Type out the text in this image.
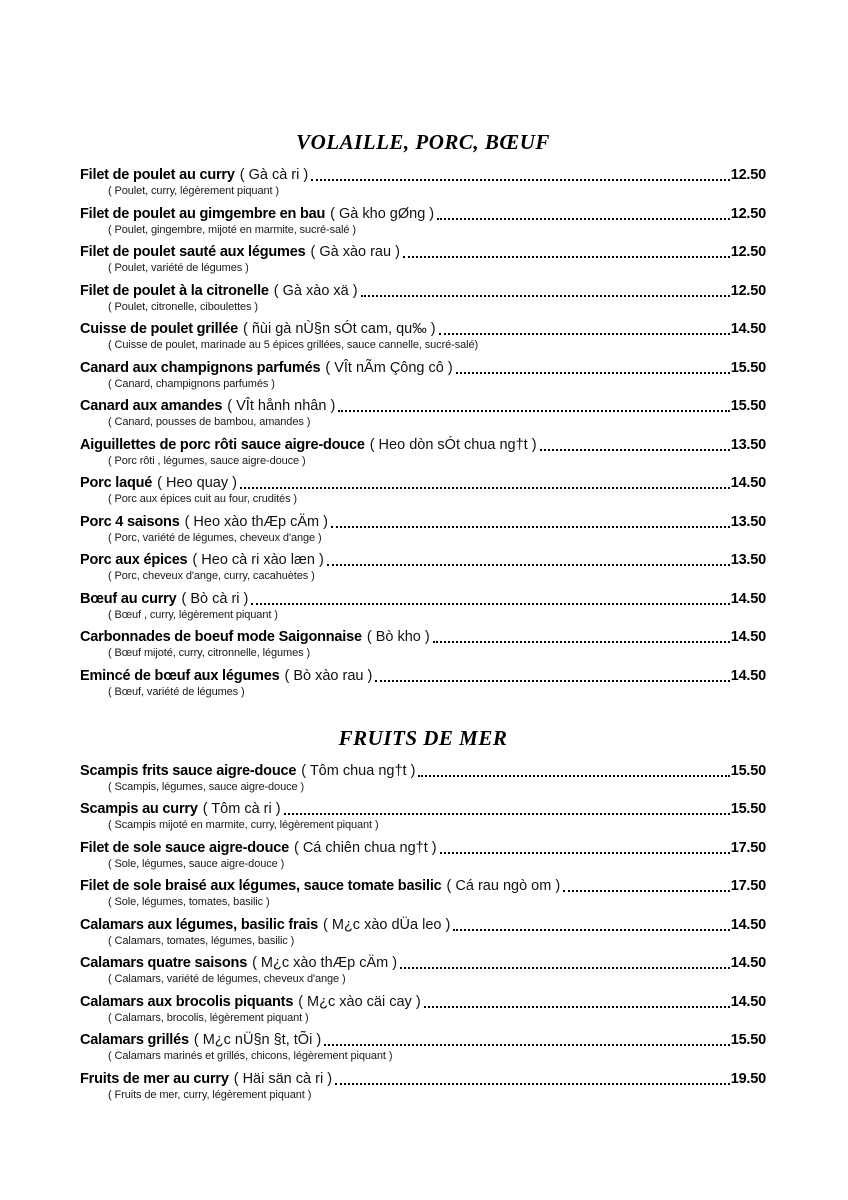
VOLAILLE, PORC, BŒUF
Filet de poulet au curry ( Gà cà ri )	12.50
( Poulet, curry, légèrement piquant )
Filet de poulet au gimgembre en bau ( Gà kho gØng )	12.50
( Poulet, gingembre, mijoté en marmite, sucré-salé )
Filet de poulet sauté aux légumes ( Gà xào rau )	12.50
( Poulet, variété de légumes )
Filet de poulet à la citronelle ( Gà xào xä )	12.50
( Poulet, citronelle, ciboulettes )
Cuisse de poulet grillée ( ñùi gà nÙ§n sÓt cam, qu‰ )	14.50
( Cuisse de poulet, marinade au 5 épices grillées, sauce cannelle, sucré-salé)
Canard aux champignons parfumés ( VÎt nÃm Çông cô )	15.50
( Canard, champignons parfumés )
Canard aux amandes ( VÎt hånh nhân )	15.50
( Canard, pousses de bambou, amandes )
Aiguillettes de porc rôti sauce aigre-douce ( Heo dòn sÓt chua ng†t )	13.50
( Porc rôti , légumes, sauce aigre-douce )
Porc laqué ( Heo quay )	14.50
( Porc aux épices cuit au four, crudités )
Porc 4 saisons ( Heo xào thÆp cÄm )	13.50
( Porc, variété de légumes, cheveux d'ange )
Porc aux épices ( Heo cà ri xào læn )	13.50
( Porc, cheveux d'ange, curry, cacahuètes )
Bœuf au curry ( Bò cà ri )	14.50
( Bœuf , curry, légèrement piquant )
Carbonnades de boeuf mode Saigonnaise ( Bò kho )	14.50
( Bœuf mijoté, curry, citronnelle, légumes )
Emincé de bœuf aux légumes ( Bò xào rau )	14.50
( Bœuf, variété de légumes )
FRUITS DE MER
Scampis frits sauce aigre-douce ( Tôm chua ng†t )	15.50
( Scampis, légumes, sauce aigre-douce )
Scampis au curry ( Tôm cà ri )	15.50
( Scampis mijoté en marmite, curry, légèrement piquant )
Filet de sole sauce aigre-douce ( Cá chiên chua ng†t )	17.50
( Sole, légumes, sauce aigre-douce )
Filet de sole braisé aux légumes, sauce tomate basilic ( Cá rau ngò om )	17.50
( Sole, légumes, tomates, basilic )
Calamars aux légumes, basilic frais ( M¿c xào dÜa leo )	14.50
( Calamars, tomates, légumes, basilic )
Calamars quatre saisons ( M¿c xào thÆp cÄm )	14.50
( Calamars, variété de légumes, cheveux d'ange )
Calamars aux brocolis piquants ( M¿c xào cäi cay )	14.50
( Calamars, brocolis, légèrement piquant )
Calamars grillés ( M¿c nÜ§n §t, tÕi )	15.50
( Calamars marinés et grillés, chicons, légèrement piquant )
Fruits de mer au curry ( Häi sän cà ri )	19.50
( Fruits de mer, curry, légèrement piquant )
